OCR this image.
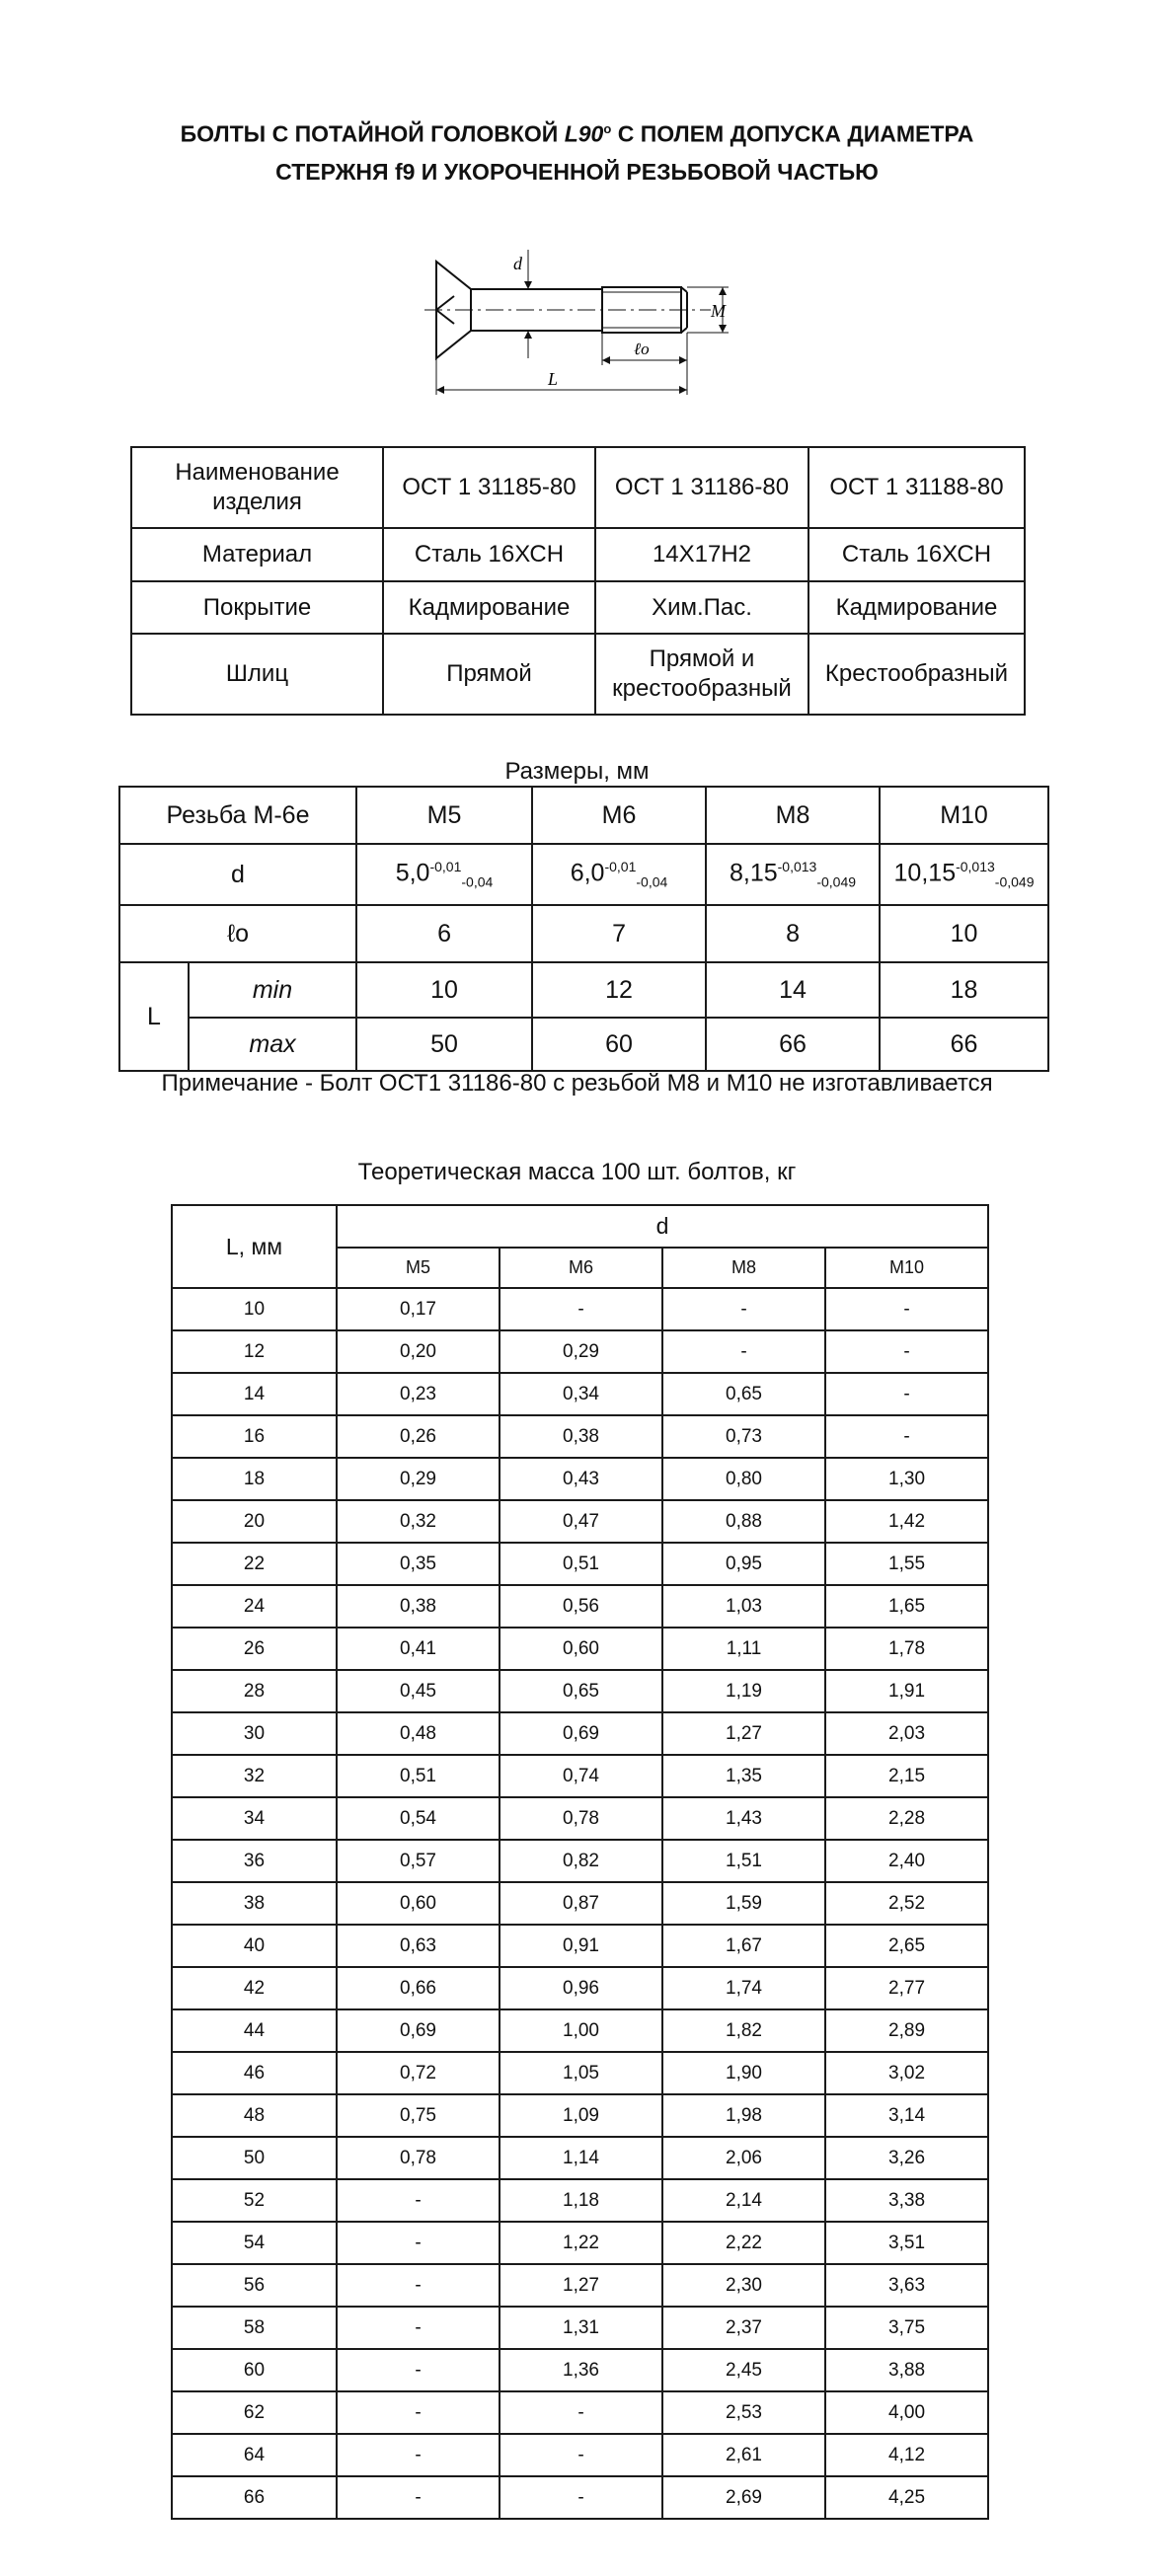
БОЛТЫ С ПОТАЙНОЙ ГОЛОВКОЙ $L90^о$ С ПОЛЕМ ДОПУСКА ДИАМЕТРА
СТЕРЖНЯ f9 И УКОРОЧЕННОЙ РЕЗЬБОВОЙ ЧАСТЬЮ
d
M
ℓo
L
Наименование изделия	ОСТ 1 31185-80	ОСТ 1 31186-80	ОСТ 1 31188-80
Материал	Сталь 16ХСН	14Х17Н2	Сталь 16ХСН
Покрытие	Кадмирование	Хим.Пас.	Кадмирование
Шлиц	Прямой	Прямой и крестообразный	Крестообразный
Размеры, мм
Резьба М-6е		М5	М6	М8	М10
d		$5,0^{-0,01}_{-0,04}$	$6,0^{-0,01}_{-0,04}$	$8,15^{-0,013}_{-0,049}$	$10,15^{-0,013}_{-0,049}$
ℓo		6	7	8	10
L	min	10	12	14	18
	max	50	60	66	66
Примечание - Болт ОСТ1 31186-80 с резьбой М8 и М10 не изготавливается
Теоретическая масса 100 шт. болтов, кг
L, мм	d			
	М5	М6	М8	М10
10	0,17	-	-	-
12	0,20	0,29	-	-
14	0,23	0,34	0,65	-
16	0,26	0,38	0,73	-
18	0,29	0,43	0,80	1,30
20	0,32	0,47	0,88	1,42
22	0,35	0,51	0,95	1,55
24	0,38	0,56	1,03	1,65
26	0,41	0,60	1,11	1,78
28	0,45	0,65	1,19	1,91
30	0,48	0,69	1,27	2,03
32	0,51	0,74	1,35	2,15
34	0,54	0,78	1,43	2,28
36	0,57	0,82	1,51	2,40
38	0,60	0,87	1,59	2,52
40	0,63	0,91	1,67	2,65
42	0,66	0,96	1,74	2,77
44	0,69	1,00	1,82	2,89
46	0,72	1,05	1,90	3,02
48	0,75	1,09	1,98	3,14
50	0,78	1,14	2,06	3,26
52	-	1,18	2,14	3,38
54	-	1,22	2,22	3,51
56	-	1,27	2,30	3,63
58	-	1,31	2,37	3,75
60	-	1,36	2,45	3,88
62	-	-	2,53	4,00
64	-	-	2,61	4,12
66	-	-	2,69	4,25
